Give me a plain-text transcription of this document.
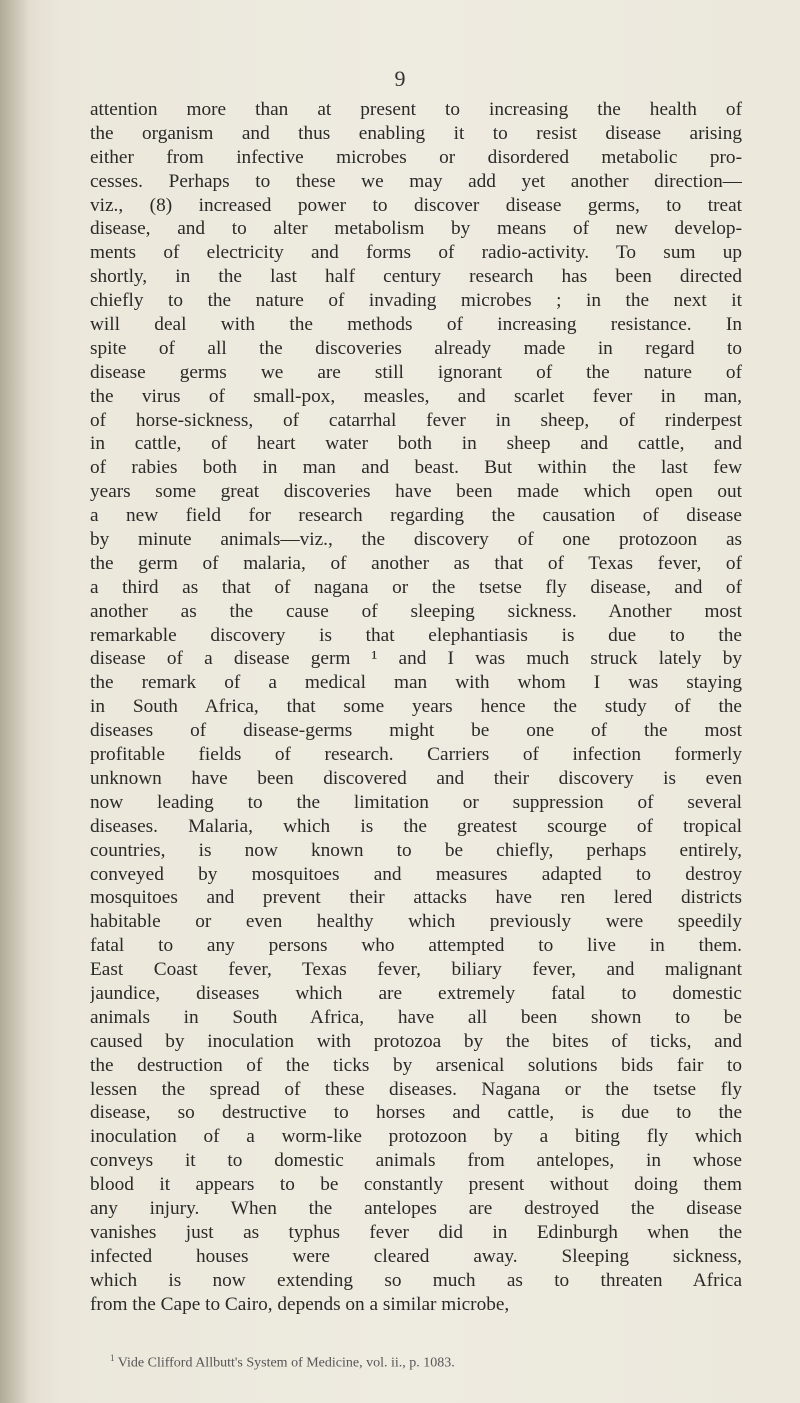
9
attention more than at present to increasing the health of
the organism and thus enabling it to resist disease arising
either from infective microbes or disordered metabolic pro-
cesses. Perhaps to these we may add yet another direction—
viz., (8) increased power to discover disease germs, to treat
disease, and to alter metabolism by means of new develop-
ments of electricity and forms of radio-activity. To sum up
shortly, in the last half century research has been directed
chiefly to the nature of invading microbes ; in the next it
will deal with the methods of increasing resistance. In
spite of all the discoveries already made in regard to
disease germs we are still ignorant of the nature of
the virus of small-pox, measles, and scarlet fever in man,
of horse-sickness, of catarrhal fever in sheep, of rinderpest
in cattle, of heart water both in sheep and cattle, and
of rabies both in man and beast. But within the last few
years some great discoveries have been made which open out
a new field for research regarding the causation of disease
by minute animals—viz., the discovery of one protozoon as
the germ of malaria, of another as that of Texas fever, of
a third as that of nagana or the tsetse fly disease, and of
another as the cause of sleeping sickness. Another most
remarkable discovery is that elephantiasis is due to the
disease of a disease germ ¹ and I was much struck lately by
the remark of a medical man with whom I was staying
in South Africa, that some years hence the study of the
diseases of disease-germs might be one of the most
profitable fields of research. Carriers of infection formerly
unknown have been discovered and their discovery is even
now leading to the limitation or suppression of several
diseases. Malaria, which is the greatest scourge of tropical
countries, is now known to be chiefly, perhaps entirely,
conveyed by mosquitoes and measures adapted to destroy
mosquitoes and prevent their attacks have ren lered districts
habitable or even healthy which previously were speedily
fatal to any persons who attempted to live in them.
East Coast fever, Texas fever, biliary fever, and malignant
jaundice, diseases which are extremely fatal to domestic
animals in South Africa, have all been shown to be
caused by inoculation with protozoa by the bites of ticks, and
the destruction of the ticks by arsenical solutions bids fair to
lessen the spread of these diseases. Nagana or the tsetse fly
disease, so destructive to horses and cattle, is due to the
inoculation of a worm-like protozoon by a biting fly which
conveys it to domestic animals from antelopes, in whose
blood it appears to be constantly present without doing them
any injury. When the antelopes are destroyed the disease
vanishes just as typhus fever did in Edinburgh when the
infected houses were cleared away. Sleeping sickness,
which is now extending so much as to threaten Africa
from the Cape to Cairo, depends on a similar microbe,
$^1$ Vide Clifford Allbutt's System of Medicine, vol. ii., p. 1083.
